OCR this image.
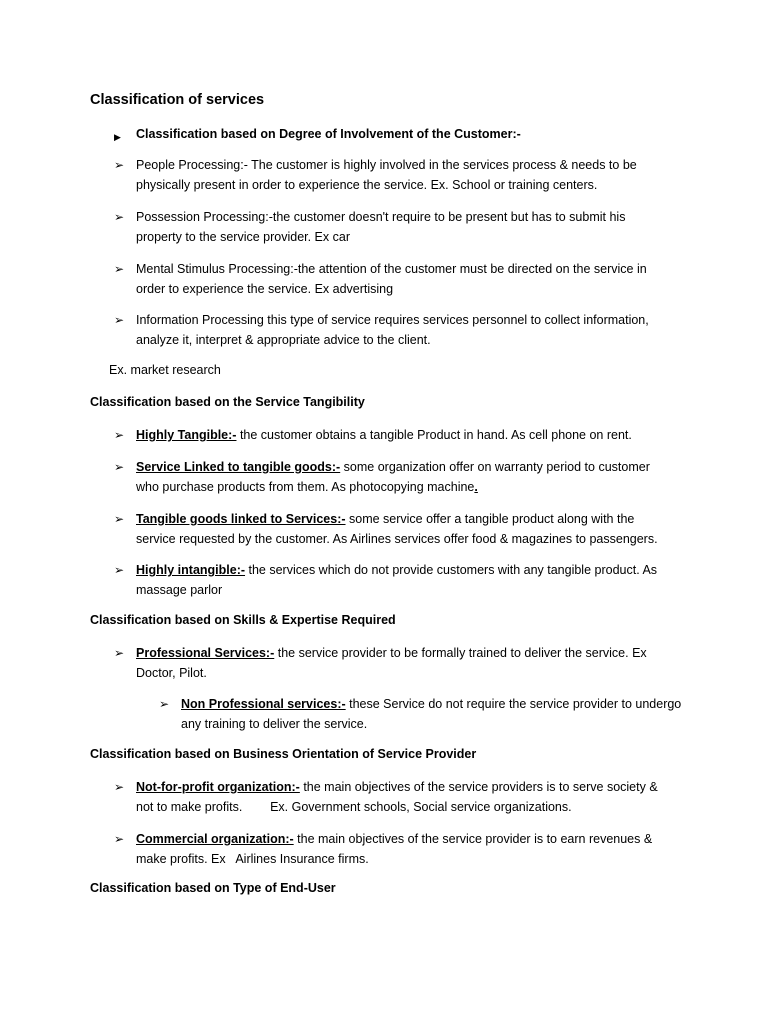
Classification of services
▶ Classification based on Degree of Involvement of the Customer:-
➢ People Processing:- The customer is highly involved in the services process & needs to be physically present in order to experience the service. Ex. School or training centers.
➢ Possession Processing:-the customer doesn't require to be present but has to submit his property to the service provider. Ex car
➢ Mental Stimulus Processing:-the attention of the customer must be directed on the service in order to experience the service. Ex advertising
➢ Information Processing this type of service requires services personnel to collect information, analyze it, interpret & appropriate advice to the client.
Ex. market research
Classification based on the Service Tangibility
➢ Highly Tangible:- the customer obtains a tangible Product in hand. As cell phone on rent.
➢ Service Linked to tangible goods:- some organization offer on warranty period to customer who purchase products from them. As photocopying machine.
➢ Tangible goods linked to Services:- some service offer a tangible product along with the service requested by the customer. As Airlines services offer food & magazines to passengers.
➢ Highly intangible:- the services which do not provide customers with any tangible product. As massage parlor
Classification based on Skills & Expertise Required
➢ Professional Services:- the service provider to be formally trained to deliver the service. Ex Doctor, Pilot.
➢ Non Professional services:- these Service do not require the service provider to undergo any training to deliver the service.
Classification based on Business Orientation of Service Provider
➢ Not-for-profit organization:- the main objectives of the service providers is to serve society & not to make profits.        Ex. Government schools, Social service organizations.
➢ Commercial organization:- the main objectives of the service provider is to earn revenues & make profits. Ex   Airlines Insurance firms.
Classification based on Type of End-User
